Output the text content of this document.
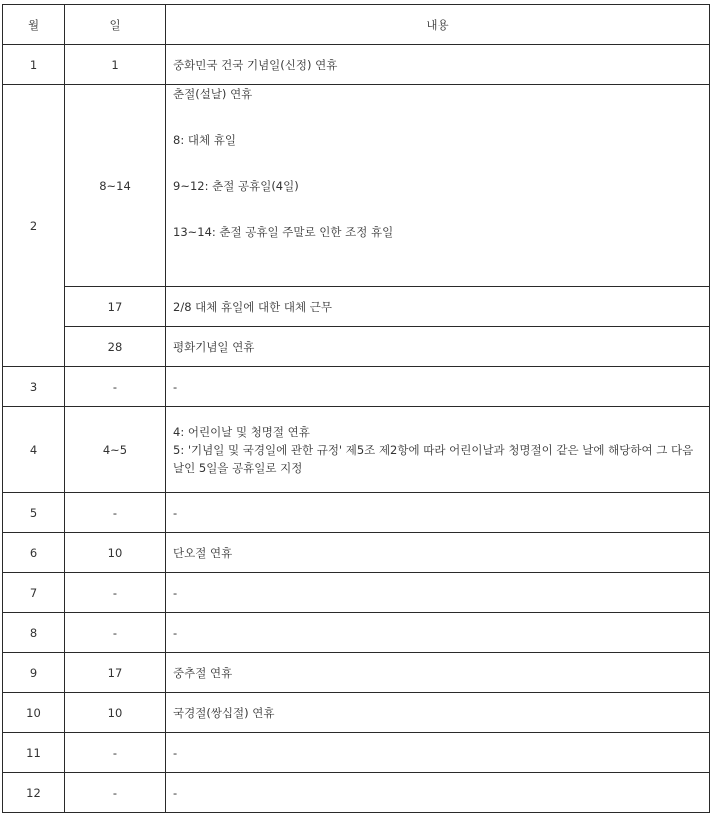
월	일	내용
1	1	중화민국 건국 기념일(신정) 연휴
2	8~14	춘절(설날) 연휴
8: 대체 휴일
9~12: 춘절 공휴일(4일)
13~14: 춘절 공휴일 주말로 인한 조정 휴일

	17	2/8 대체 휴일에 대한 대체 근무
	28	평화기념일 연휴
3	-	-
4	4~5	4: 어린이날 및 청명절 연휴
5: '기념일 및 국경일에 관한 규정' 제5조 제2항에 따라 어린이날과 청명절이 같은 날에 해당하여 그 다음날인 5일을 공휴일로 지정

5	-	-
6	10	단오절 연휴
7	-	-
8	-	-
9	17	중추절 연휴
10	10	국경절(쌍십절) 연휴
11	-	-
12	-	-
